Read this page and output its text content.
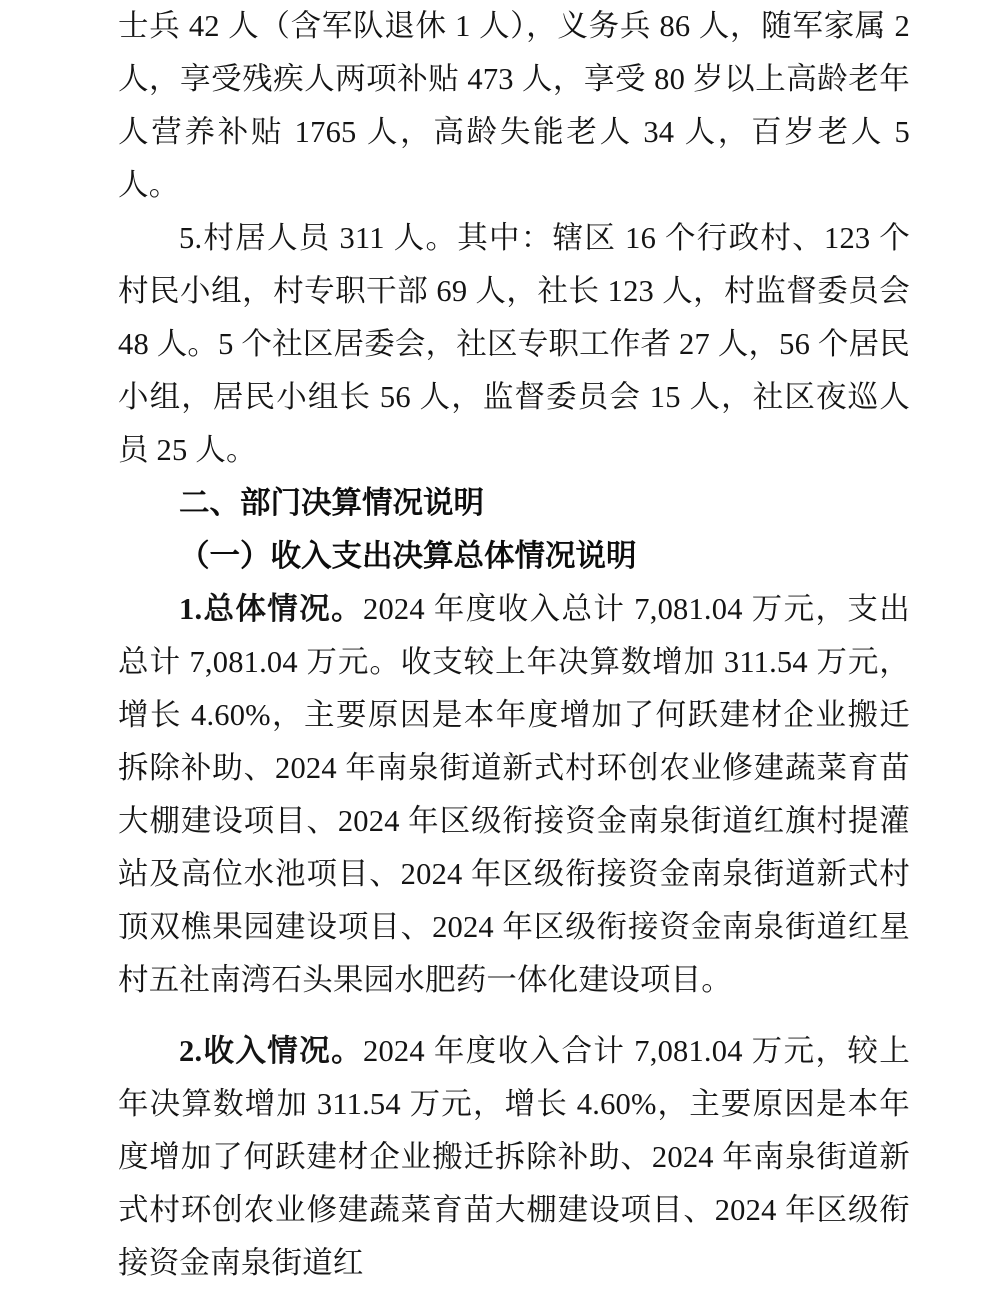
士兵 42 人（含军队退休 1 人），义务兵 86 人，随军家属 2 人，享受残疾人两项补贴 473 人，享受 80 岁以上高龄老年人营养补贴 1765 人，高龄失能老人 34 人，百岁老人 5 人。

5.村居人员 311 人。其中：辖区 16 个行政村、123 个村民小组，村专职干部 69 人，社长 123 人，村监督委员会 48 人。5 个社区居委会，社区专职工作者 27 人，56 个居民小组，居民小组长 56 人，监督委员会 15 人，社区夜巡人员 25 人。

二、部门决算情况说明

（一）收入支出决算总体情况说明

1.总体情况。2024 年度收入总计 7,081.04 万元，支出总计 7,081.04 万元。收支较上年决算数增加 311.54 万元，增长 4.60%，主要原因是本年度增加了何跃建材企业搬迁拆除补助、2024 年南泉街道新式村环创农业修建蔬菜育苗大棚建设项目、2024 年区级衔接资金南泉街道红旗村提灌站及高位水池项目、2024 年区级衔接资金南泉街道新式村顶双樵果园建设项目、2024 年区级衔接资金南泉街道红星村五社南湾石头果园水肥药一体化建设项目。

2.收入情况。2024 年度收入合计 7,081.04 万元，较上年决算数增加 311.54 万元，增长 4.60%，主要原因是本年度增加了何跃建材企业搬迁拆除补助、2024 年南泉街道新式村环创农业修建蔬菜育苗大棚建设项目、2024 年区级衔接资金南泉街道红
